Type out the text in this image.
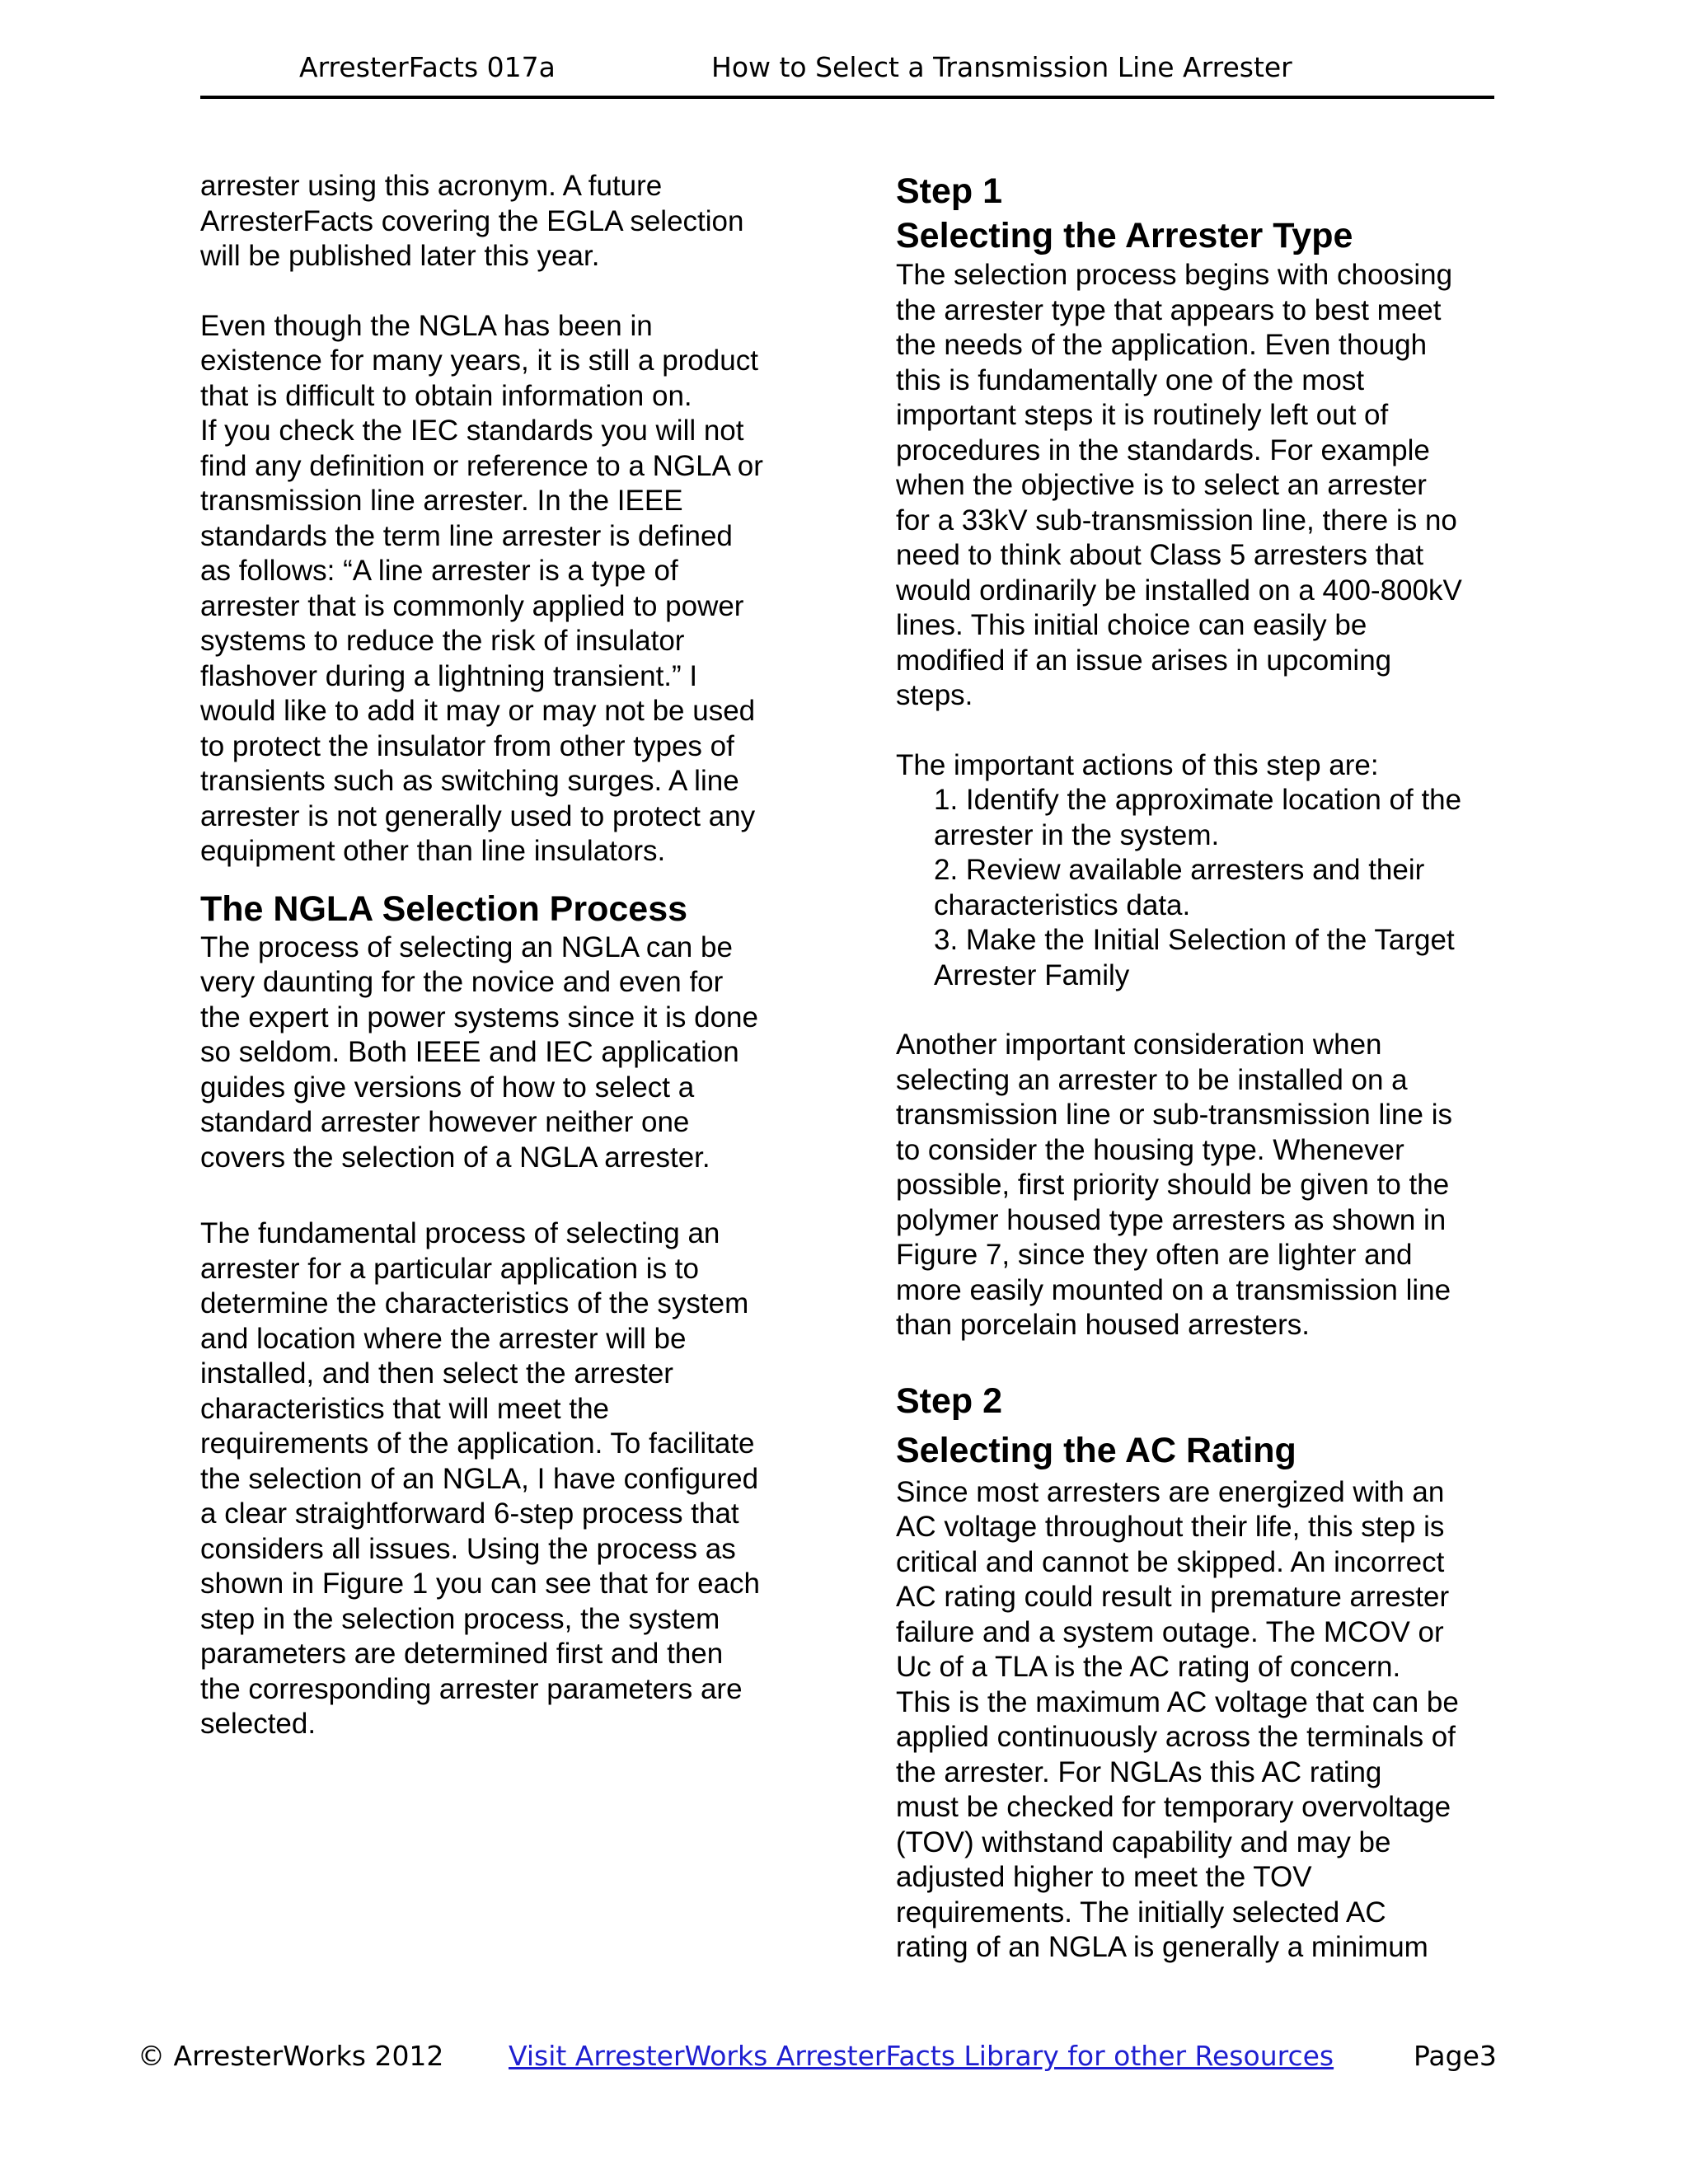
ArresterFacts 017a	How to Select a Transmission Line Arrester

arrester using this acronym. A future
ArresterFacts covering the EGLA selection
will be published later this year.

Even though the NGLA has been in
existence for many years, it is still a product
that is difficult to obtain information on.
If you check the IEC standards you will not
find any definition or reference to a NGLA or
transmission line arrester. In the IEEE
standards the term line arrester is defined
as follows: “A line arrester is a type of
arrester that is commonly applied to power
systems to reduce the risk of insulator
flashover during a lightning transient.” I
would like to add it may or may not be used
to protect the insulator from other types of
transients such as switching surges. A line
arrester is not generally used to protect any
equipment other than line insulators.

The NGLA Selection Process

The process of selecting an NGLA can be
very daunting for the novice and even for
the expert in power systems since it is done
so seldom. Both IEEE and IEC application
guides give versions of how to select a
standard arrester however neither one
covers the selection of a NGLA arrester.

The fundamental process of selecting an
arrester for a particular application is to
determine the characteristics of the system
and location where the arrester will be
installed, and then select the arrester
characteristics that will meet the
requirements of the application. To facilitate
the selection of an NGLA, I have configured
a clear straightforward 6-step process that
considers all issues. Using the process as
shown in Figure 1 you can see that for each
step in the selection process, the system
parameters are determined first and then
the corresponding arrester parameters are
selected.

Step 1
Selecting the Arrester Type

The selection process begins with choosing
the arrester type that appears to best meet
the needs of the application. Even though
this is fundamentally one of the most
important steps it is routinely left out of
procedures in the standards. For example
when the objective is to select an arrester
for a 33kV sub-transmission line, there is no
need to think about Class 5 arresters that
would ordinarily be installed on a 400-800kV
lines. This initial choice can easily be
modified if an issue arises in upcoming
steps.

The important actions of this step are:

1. Identify the approximate location of the
arrester in the system.
2. Review available arresters and their
characteristics data.
3. Make the Initial Selection of the Target
Arrester Family

Another important consideration when
selecting an arrester to be installed on a
transmission line or sub-transmission line is
to consider the housing type. Whenever
possible, first priority should be given to the
polymer housed type arresters as shown in
Figure 7, since they often are lighter and
more easily mounted on a transmission line
than porcelain housed arresters.

Step 2
Selecting the AC Rating

Since most arresters are energized with an
AC voltage throughout their life, this step is
critical and cannot be skipped. An incorrect
AC rating could result in premature arrester
failure and a system outage. The MCOV or
Uc of a TLA is the AC rating of concern.
This is the maximum AC voltage that can be
applied continuously across the terminals of
the arrester. For NGLAs this AC rating
must be checked for temporary overvoltage
(TOV) withstand capability and may be
adjusted higher to meet the TOV
requirements. The initially selected AC
rating of an NGLA is generally a minimum

© ArresterWorks 2012 Visit ArresterWorks ArresterFacts Library for other Resources	Page3
